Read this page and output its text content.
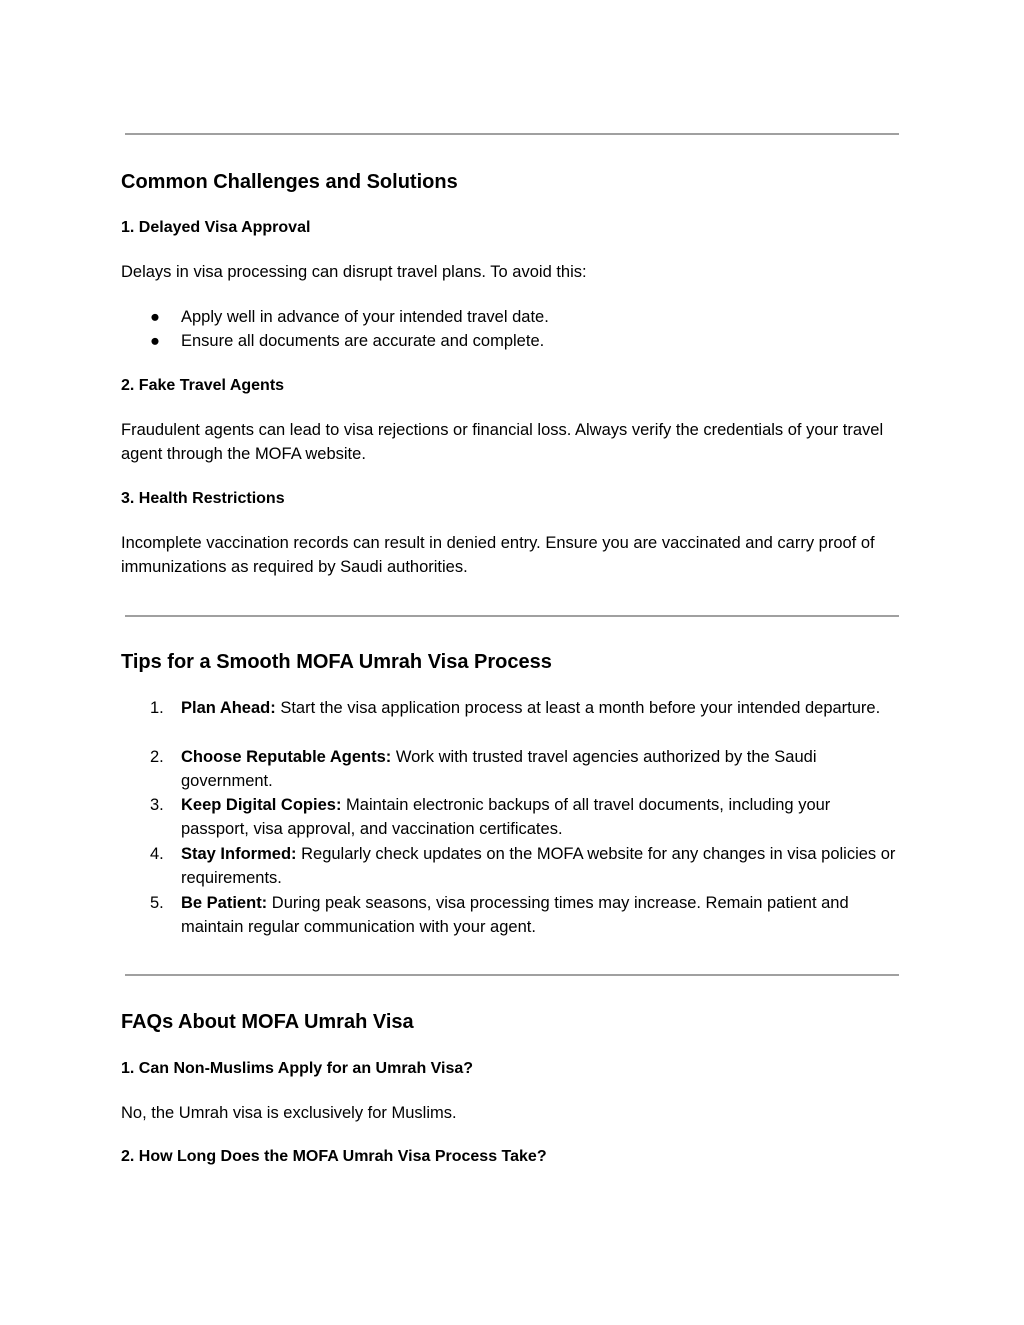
Common Challenges and Solutions
1. Delayed Visa Approval

Delays in visa processing can disrupt travel plans. To avoid this:

●	Apply well in advance of your intended travel date.
●	Ensure all documents are accurate and complete.
2. Fake Travel Agents

Fraudulent agents can lead to visa rejections or financial loss. Always verify the credentials of your travel agent through the MOFA website.

3. Health Restrictions

Incomplete vaccination records can result in denied entry. Ensure you are vaccinated and carry proof of immunizations as required by Saudi authorities.

Tips for a Smooth MOFA Umrah Visa Process
1.	Plan Ahead: Start the visa application process at least a month before your intended departure.
2.	Choose Reputable Agents: Work with trusted travel agencies authorized by the Saudi government.
3.	Keep Digital Copies: Maintain electronic backups of all travel documents, including your passport, visa approval, and vaccination certificates.
4.	Stay Informed: Regularly check updates on the MOFA website for any changes in visa policies or requirements.
5.	Be Patient: During peak seasons, visa processing times may increase. Remain patient and maintain regular communication with your agent.
FAQs About MOFA Umrah Visa
1. Can Non-Muslims Apply for an Umrah Visa?

No, the Umrah visa is exclusively for Muslims.

2. How Long Does the MOFA Umrah Visa Process Take?
